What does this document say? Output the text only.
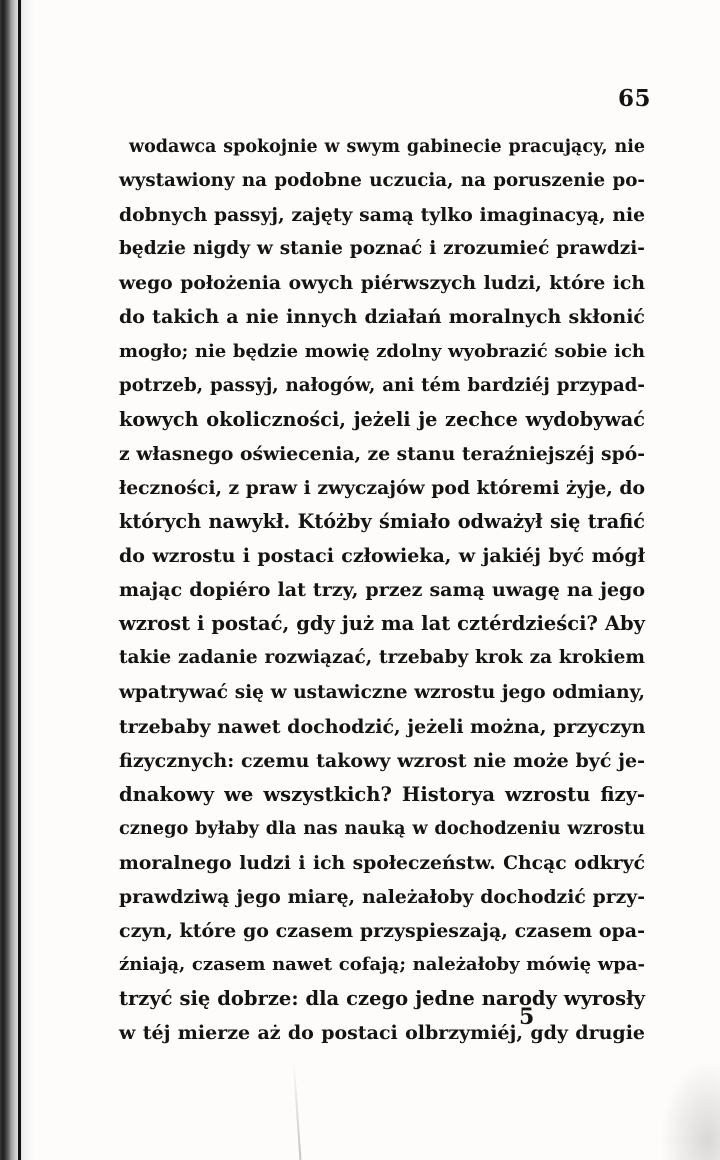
65
wodawca spokojnie w swym gabinecie pracujący, nie
wystawiony na podobne uczucia, na poruszenie po-
dobnych passyj, zajęty samą tylko imaginacyą, nie
będzie nigdy w stanie poznać i zrozumieć prawdzi-
wego położenia owych piérwszych ludzi, które ich
do takich a nie innych działań moralnych skłonić
mogło; nie będzie mowię zdolny wyobrazić sobie ich
potrzeb, passyj, nałogów, ani tém bardziéj przypad-
kowych okoliczności, jeżeli je zechce wydobywać
z własnego oświecenia, ze stanu teraźniejszéj spó-
łeczności, z praw i zwyczajów pod któremi żyje, do
których nawykł. Któżby śmiało odważył się trafić
do wzrostu i postaci człowieka, w jakiéj być mógł
mając dopiéro lat trzy, przez samą uwagę na jego
wzrost i postać, gdy już ma lat cztérdzieści? Aby
takie zadanie rozwiązać, trzebaby krok za krokiem
wpatrywać się w ustawiczne wzrostu jego odmiany,
trzebaby nawet dochodzić, jeżeli można, przyczyn
fizycznych: czemu takowy wzrost nie może być je-
dnakowy we wszystkich? Historya wzrostu fizy-
cznego byłaby dla nas nauką w dochodzeniu wzrostu
moralnego ludzi i ich społeczeństw. Chcąc odkryć
prawdziwą jego miarę, należałoby dochodzić przy-
czyn, które go czasem przyspieszają, czasem opa-
źniają, czasem nawet cofają; należałoby mówię wpa-
trzyć się dobrze: dla czego jedne narody wyrosły
w téj mierze aż do postaci olbrzymiéj, gdy drugie
5
